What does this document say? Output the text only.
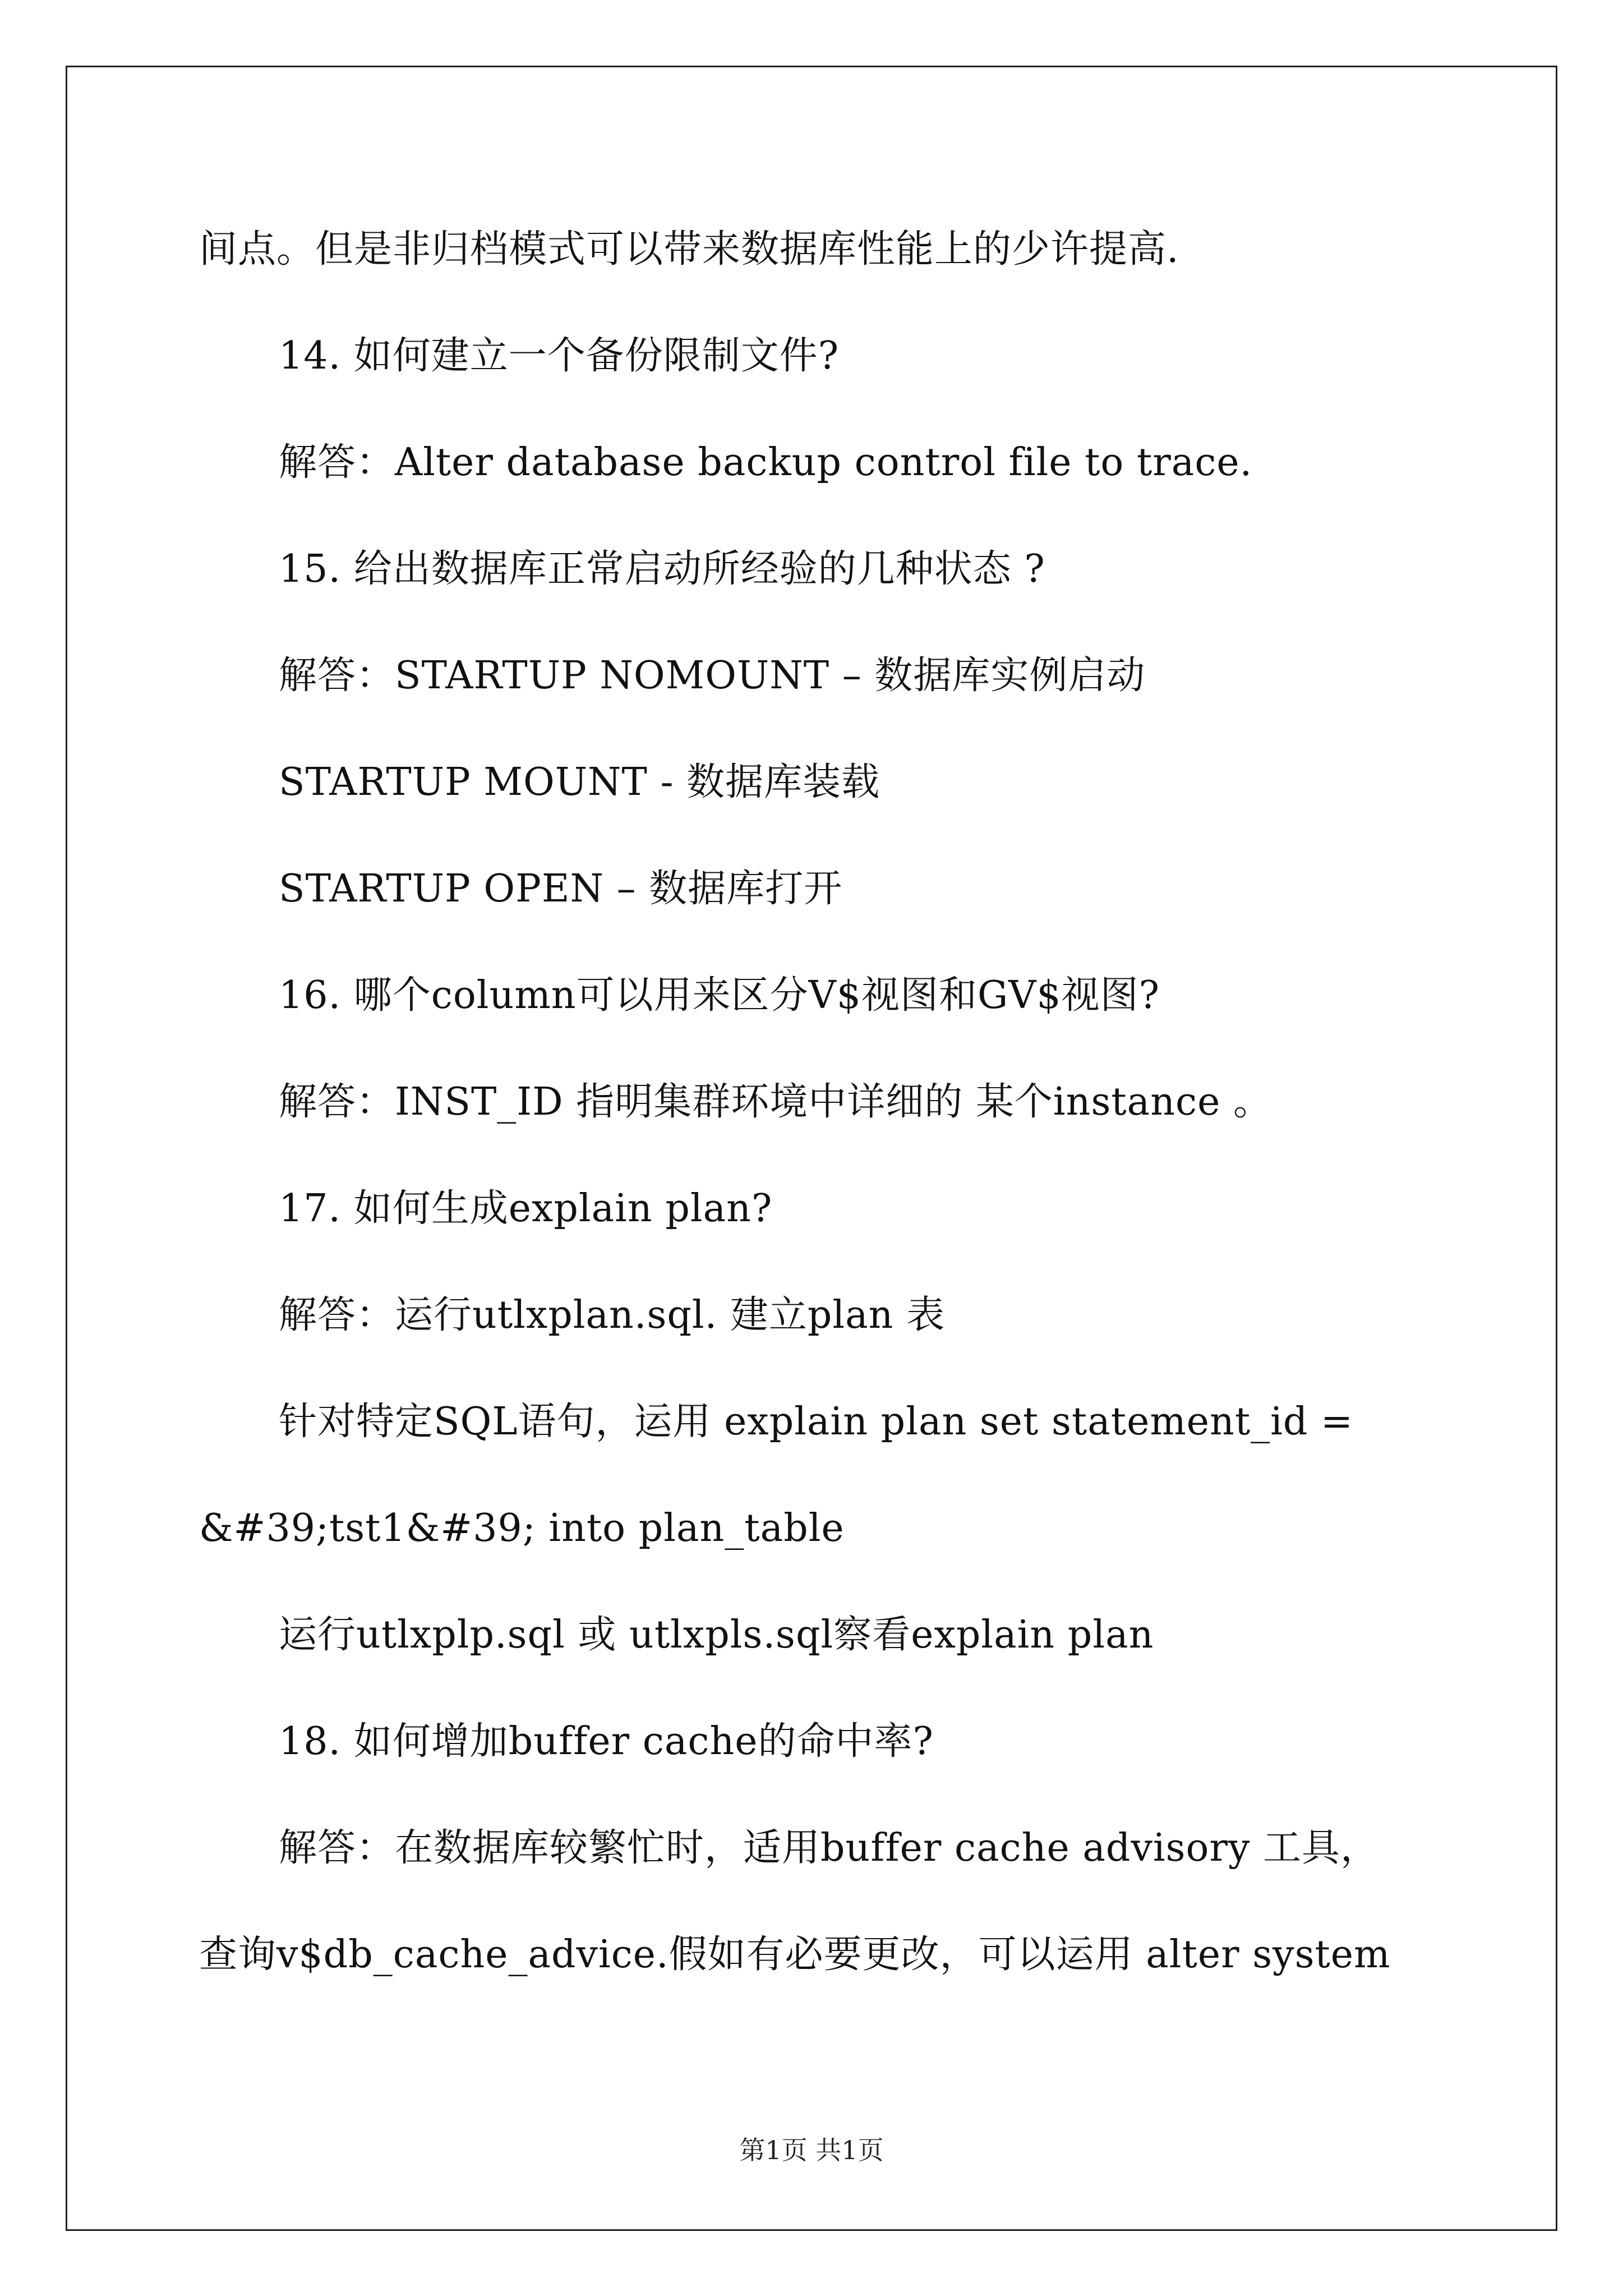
间点。但是非归档模式可以带来数据库性能上的少许提高.
14. 如何建立一个备份限制文件?
解答：Alter database backup control file to trace.
15. 给出数据库正常启动所经验的几种状态 ?
解答：STARTUP NOMOUNT – 数据库实例启动
STARTUP MOUNT - 数据库装载
STARTUP OPEN – 数据库打开
16. 哪个column可以用来区分V$视图和GV$视图?
解答：INST_ID 指明集群环境中详细的 某个instance 。
17. 如何生成explain plan?
解答：运行utlxplan.sql. 建立plan 表
针对特定SQL语句，运用 explain plan set statement_id =
&#39;tst1&#39; into plan_table
运行utlxplp.sql 或 utlxpls.sql察看explain plan
18. 如何增加buffer cache的命中率?
解答：在数据库较繁忙时，适用buffer cache advisory 工具，
查询v$db_cache_advice.假如有必要更改，可以运用 alter system
第1页 共1页
